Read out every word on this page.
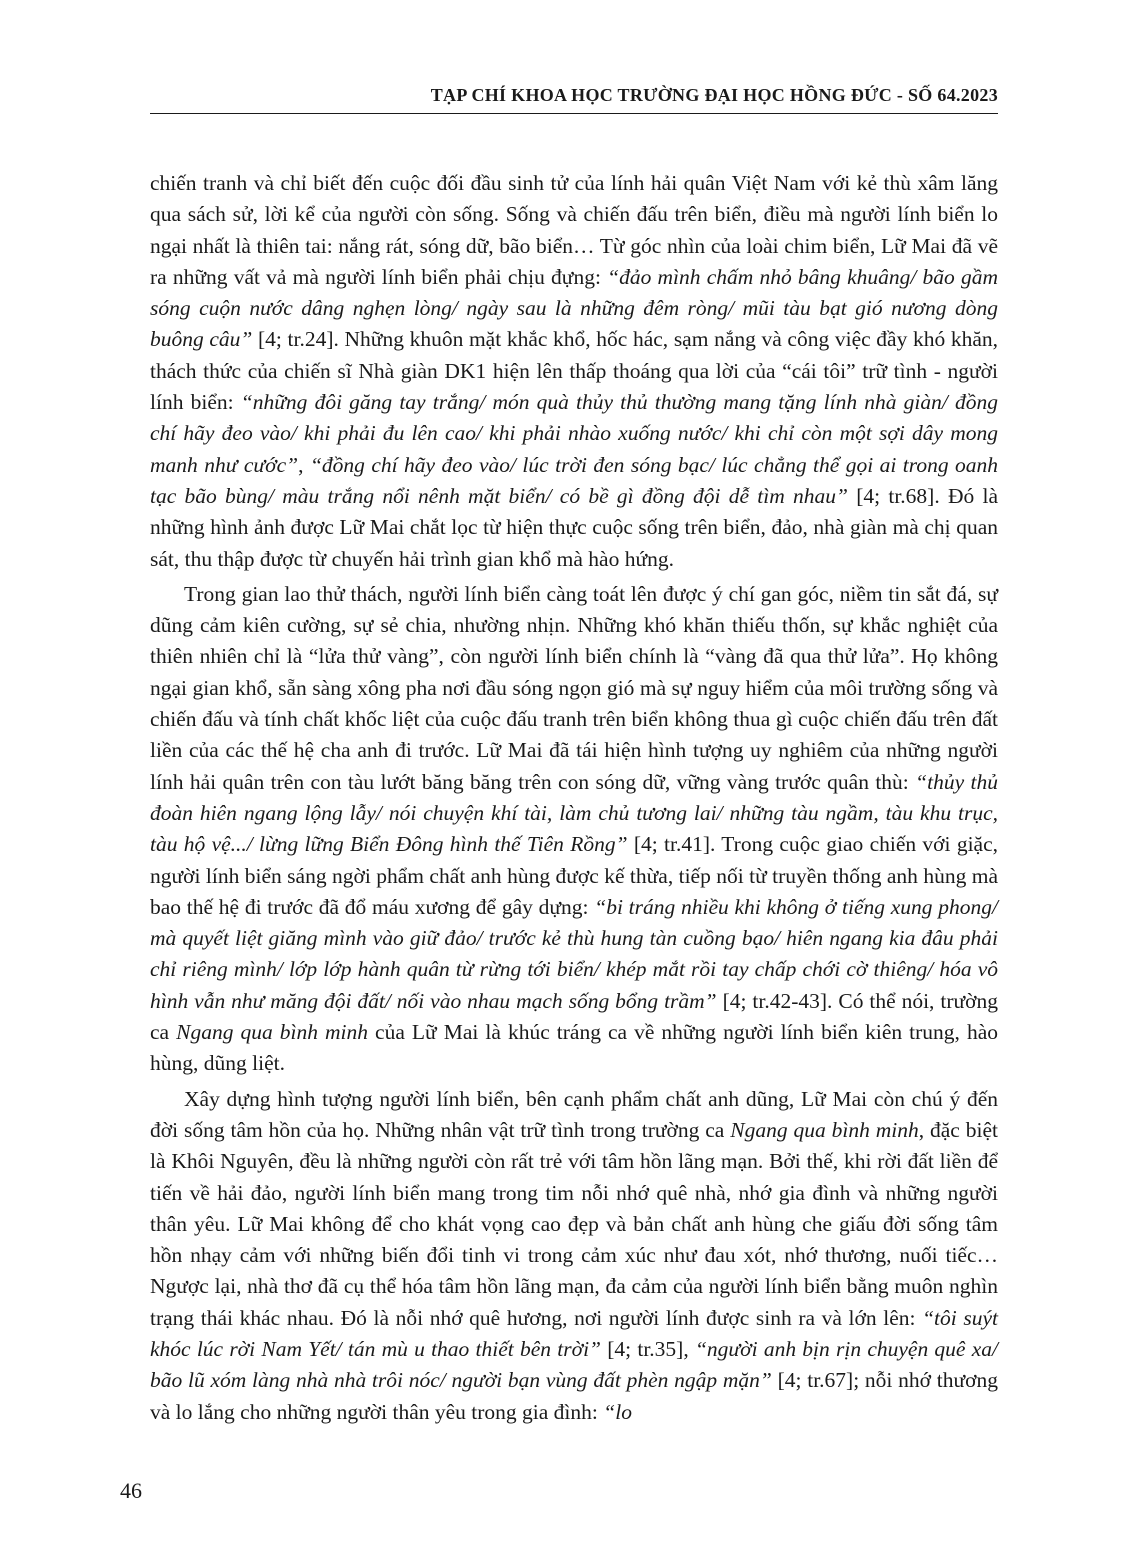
TẠP CHÍ KHOA HỌC TRƯỜNG ĐẠI HỌC HỒNG ĐỨC - SỐ 64.2023

chiến tranh và chỉ biết đến cuộc đối đầu sinh tử của lính hải quân Việt Nam với kẻ thù xâm lăng qua sách sử, lời kể của người còn sống. Sống và chiến đấu trên biển, điều mà người lính biển lo ngại nhất là thiên tai: nắng rát, sóng dữ, bão biển… Từ góc nhìn của loài chim biển, Lữ Mai đã vẽ ra những vất vả mà người lính biển phải chịu đựng: “đảo mình chấm nhỏ bâng khuâng/ bão gầm sóng cuộn nước dâng nghẹn lòng/ ngày sau là những đêm ròng/ mũi tàu bạt gió nương dòng buông câu” [4; tr.24]. Những khuôn mặt khắc khổ, hốc hác, sạm nắng và công việc đầy khó khăn, thách thức của chiến sĩ Nhà giàn DK1 hiện lên thấp thoáng qua lời của “cái tôi” trữ tình - người lính biển: “những đôi găng tay trắng/ món quà thủy thủ thường mang tặng lính nhà giàn/ đồng chí hãy đeo vào/ khi phải đu lên cao/ khi phải nhào xuống nước/ khi chỉ còn một sợi dây mong manh như cước”, “đồng chí hãy đeo vào/ lúc trời đen sóng bạc/ lúc chẳng thể gọi ai trong oanh tạc bão bùng/ màu trắng nổi nênh mặt biển/ có bề gì đồng đội dễ tìm nhau” [4; tr.68]. Đó là những hình ảnh được Lữ Mai chắt lọc từ hiện thực cuộc sống trên biển, đảo, nhà giàn mà chị quan sát, thu thập được từ chuyến hải trình gian khổ mà hào hứng.

Trong gian lao thử thách, người lính biển càng toát lên được ý chí gan góc, niềm tin sắt đá, sự dũng cảm kiên cường, sự sẻ chia, nhường nhịn. Những khó khăn thiếu thốn, sự khắc nghiệt của thiên nhiên chỉ là “lửa thử vàng”, còn người lính biển chính là “vàng đã qua thử lửa”. Họ không ngại gian khổ, sẵn sàng xông pha nơi đầu sóng ngọn gió mà sự nguy hiểm của môi trường sống và chiến đấu và tính chất khốc liệt của cuộc đấu tranh trên biển không thua gì cuộc chiến đấu trên đất liền của các thế hệ cha anh đi trước. Lữ Mai đã tái hiện hình tượng uy nghiêm của những người lính hải quân trên con tàu lướt băng băng trên con sóng dữ, vững vàng trước quân thù: “thủy thủ đoàn hiên ngang lộng lẫy/ nói chuyện khí tài, làm chủ tương lai/ những tàu ngầm, tàu khu trục, tàu hộ vệ.../ lừng lững Biển Đông hình thế Tiên Rồng” [4; tr.41]. Trong cuộc giao chiến với giặc, người lính biển sáng ngời phẩm chất anh hùng được kế thừa, tiếp nối từ truyền thống anh hùng mà bao thế hệ đi trước đã đổ máu xương để gây dựng: “bi tráng nhiều khi không ở tiếng xung phong/ mà quyết liệt giăng mình vào giữ đảo/ trước kẻ thù hung tàn cuồng bạo/ hiên ngang kia đâu phải chỉ riêng mình/ lớp lớp hành quân từ rừng tới biển/ khép mắt rồi tay chấp chới cờ thiêng/ hóa vô hình vẫn như măng đội đất/ nối vào nhau mạch sống bổng trầm” [4; tr.42-43]. Có thể nói, trường ca Ngang qua bình minh của Lữ Mai là khúc tráng ca về những người lính biển kiên trung, hào hùng, dũng liệt.

Xây dựng hình tượng người lính biển, bên cạnh phẩm chất anh dũng, Lữ Mai còn chú ý đến đời sống tâm hồn của họ. Những nhân vật trữ tình trong trường ca Ngang qua bình minh, đặc biệt là Khôi Nguyên, đều là những người còn rất trẻ với tâm hồn lãng mạn. Bởi thế, khi rời đất liền để tiến về hải đảo, người lính biển mang trong tim nỗi nhớ quê nhà, nhớ gia đình và những người thân yêu. Lữ Mai không để cho khát vọng cao đẹp và bản chất anh hùng che giấu đời sống tâm hồn nhạy cảm với những biến đổi tinh vi trong cảm xúc như đau xót, nhớ thương, nuối tiếc… Ngược lại, nhà thơ đã cụ thể hóa tâm hồn lãng mạn, đa cảm của người lính biển bằng muôn nghìn trạng thái khác nhau. Đó là nỗi nhớ quê hương, nơi người lính được sinh ra và lớn lên: “tôi suýt khóc lúc rời Nam Yết/ tán mù u thao thiết bên trời” [4; tr.35], “người anh bịn rịn chuyện quê xa/ bão lũ xóm làng nhà nhà trôi nóc/ người bạn vùng đất phèn ngập mặn” [4; tr.67]; nỗi nhớ thương và lo lắng cho những người thân yêu trong gia đình: “lo

46
